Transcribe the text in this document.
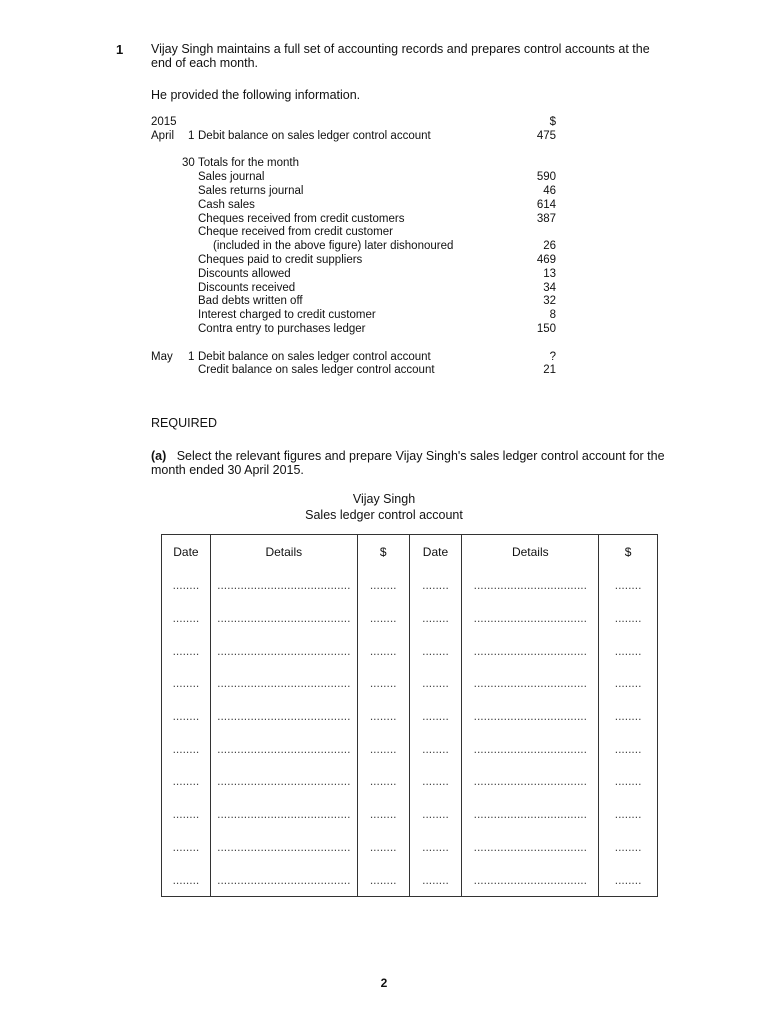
1 Vijay Singh maintains a full set of accounting records and prepares control accounts at the end of each month.
He provided the following information.
2015	$
April 1 Debit balance on sales ledger control account	475
30 Totals for the month
Sales journal	590
Sales returns journal	46
Cash sales	614
Cheques received from credit customers	387
Cheque received from credit customer
(included in the above figure) later dishonoured	26
Cheques paid to credit suppliers	469
Discounts allowed	13
Discounts received	34
Bad debts written off	32
Interest charged to credit customer	8
Contra entry to purchases ledger	150
May 1 Debit balance on sales ledger control account	?
Credit balance on sales ledger control account	21
REQUIRED
(a) Select the relevant figures and prepare Vijay Singh's sales ledger control account for the month ended 30 April 2015.
Vijay Singh
Sales ledger control account
Date	Details	$	Date	Details	$
........	........................................	........	........	..................................	........
........	........................................	........	........	..................................	........
........	........................................	........	........	..................................	........
........	........................................	........	........	..................................	........
........	........................................	........	........	..................................	........
........	........................................	........	........	..................................	........
........	........................................	........	........	..................................	........
........	........................................	........	........	..................................	........
........	........................................	........	........	..................................	........
........	........................................	........	........	..................................	........
2
